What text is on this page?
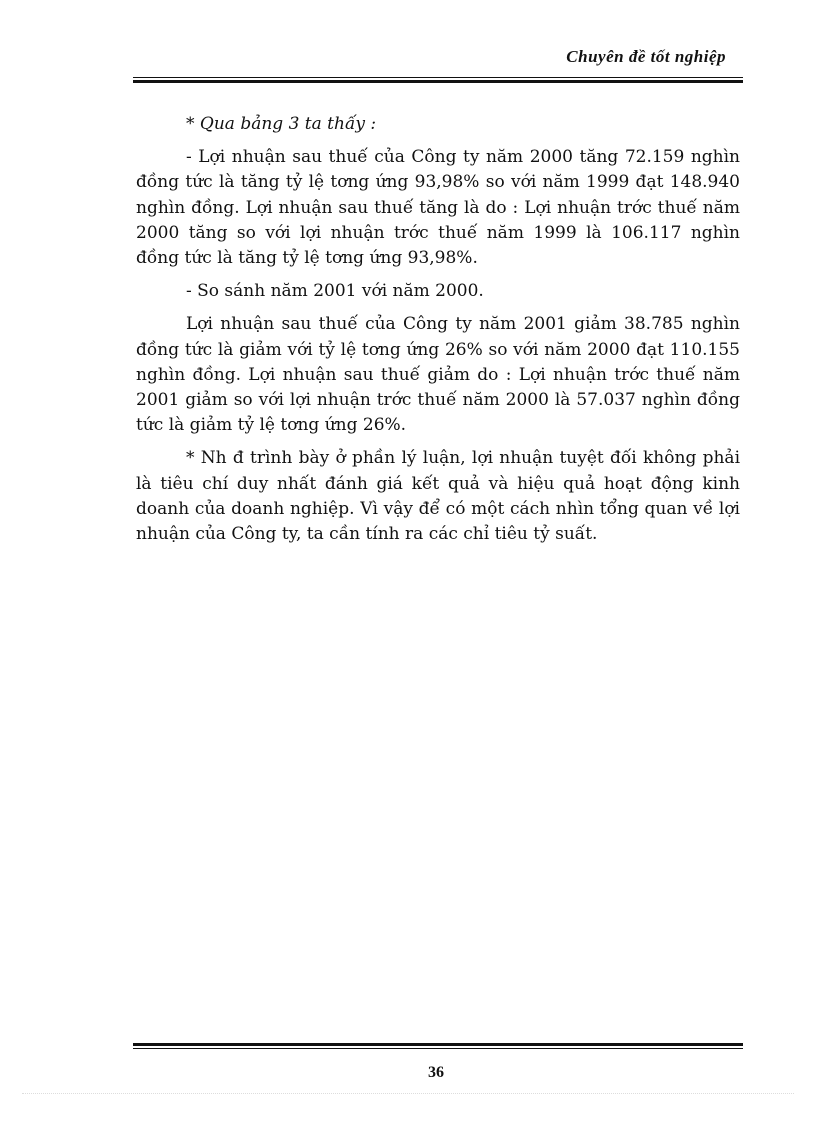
Chuyên đề tốt nghiệp

* Qua bảng 3 ta thấy :

- Lợi nhuận sau thuế của Công ty năm 2000 tăng 72.159 nghìn đồng tức là tăng tỷ lệ tơng ứng 93,98% so với năm 1999 đạt 148.940 nghìn đồng. Lợi nhuận sau thuế tăng là do : Lợi nhuận trớc thuế năm 2000 tăng so với lợi nhuận trớc thuế năm 1999 là 106.117 nghìn đồng tức là tăng tỷ lệ tơng ứng 93,98%.

- So sánh năm 2001 với năm 2000.

Lợi nhuận sau thuế của Công ty năm 2001 giảm 38.785 nghìn đồng tức là giảm với tỷ lệ tơng ứng 26% so với năm 2000 đạt 110.155 nghìn đồng. Lợi nhuận sau thuế giảm do : Lợi nhuận trớc thuế năm 2001 giảm so với lợi nhuận trớc thuế năm 2000 là 57.037 nghìn đồng tức là giảm tỷ lệ tơng ứng 26%.

* Nh đ trình bày ở phần lý luận, lợi nhuận tuyệt đối không phải là tiêu chí duy nhất đánh giá kết quả và hiệu quả hoạt động kinh doanh của doanh nghiệp. Vì vậy để có một cách nhìn tổng quan về lợi nhuận của Công ty, ta cần tính ra các chỉ tiêu tỷ suất.

36
